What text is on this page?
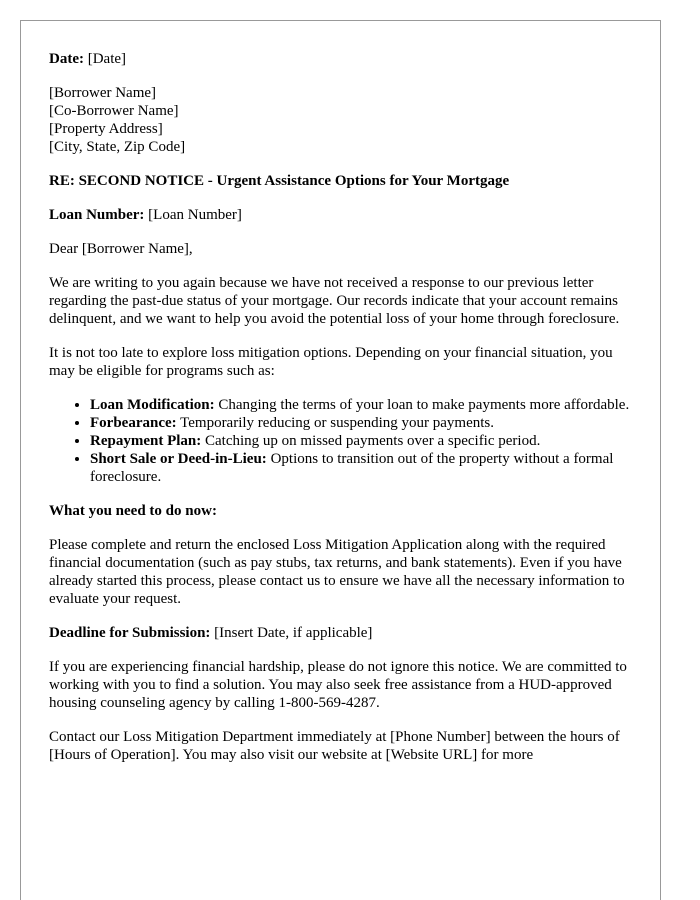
Date: [Date]

[Borrower Name]
[Co-Borrower Name]
[Property Address]
[City, State, Zip Code]

RE: SECOND NOTICE - Urgent Assistance Options for Your Mortgage

Loan Number: [Loan Number]

Dear [Borrower Name],

We are writing to you again because we have not received a response to our previous letter regarding the past-due status of your mortgage. Our records indicate that your account remains delinquent, and we want to help you avoid the potential loss of your home through foreclosure.

It is not too late to explore loss mitigation options. Depending on your financial situation, you may be eligible for programs such as:

• Loan Modification: Changing the terms of your loan to make payments more affordable.
• Forbearance: Temporarily reducing or suspending your payments.
• Repayment Plan: Catching up on missed payments over a specific period.
• Short Sale or Deed-in-Lieu: Options to transition out of the property without a formal foreclosure.

What you need to do now:

Please complete and return the enclosed Loss Mitigation Application along with the required financial documentation (such as pay stubs, tax returns, and bank statements). Even if you have already started this process, please contact us to ensure we have all the necessary information to evaluate your request.

Deadline for Submission: [Insert Date, if applicable]

If you are experiencing financial hardship, please do not ignore this notice. We are committed to working with you to find a solution. You may also seek free assistance from a HUD-approved housing counseling agency by calling 1-800-569-4287.

Contact our Loss Mitigation Department immediately at [Phone Number] between the hours of [Hours of Operation]. You may also visit our website at [Website URL] for more
